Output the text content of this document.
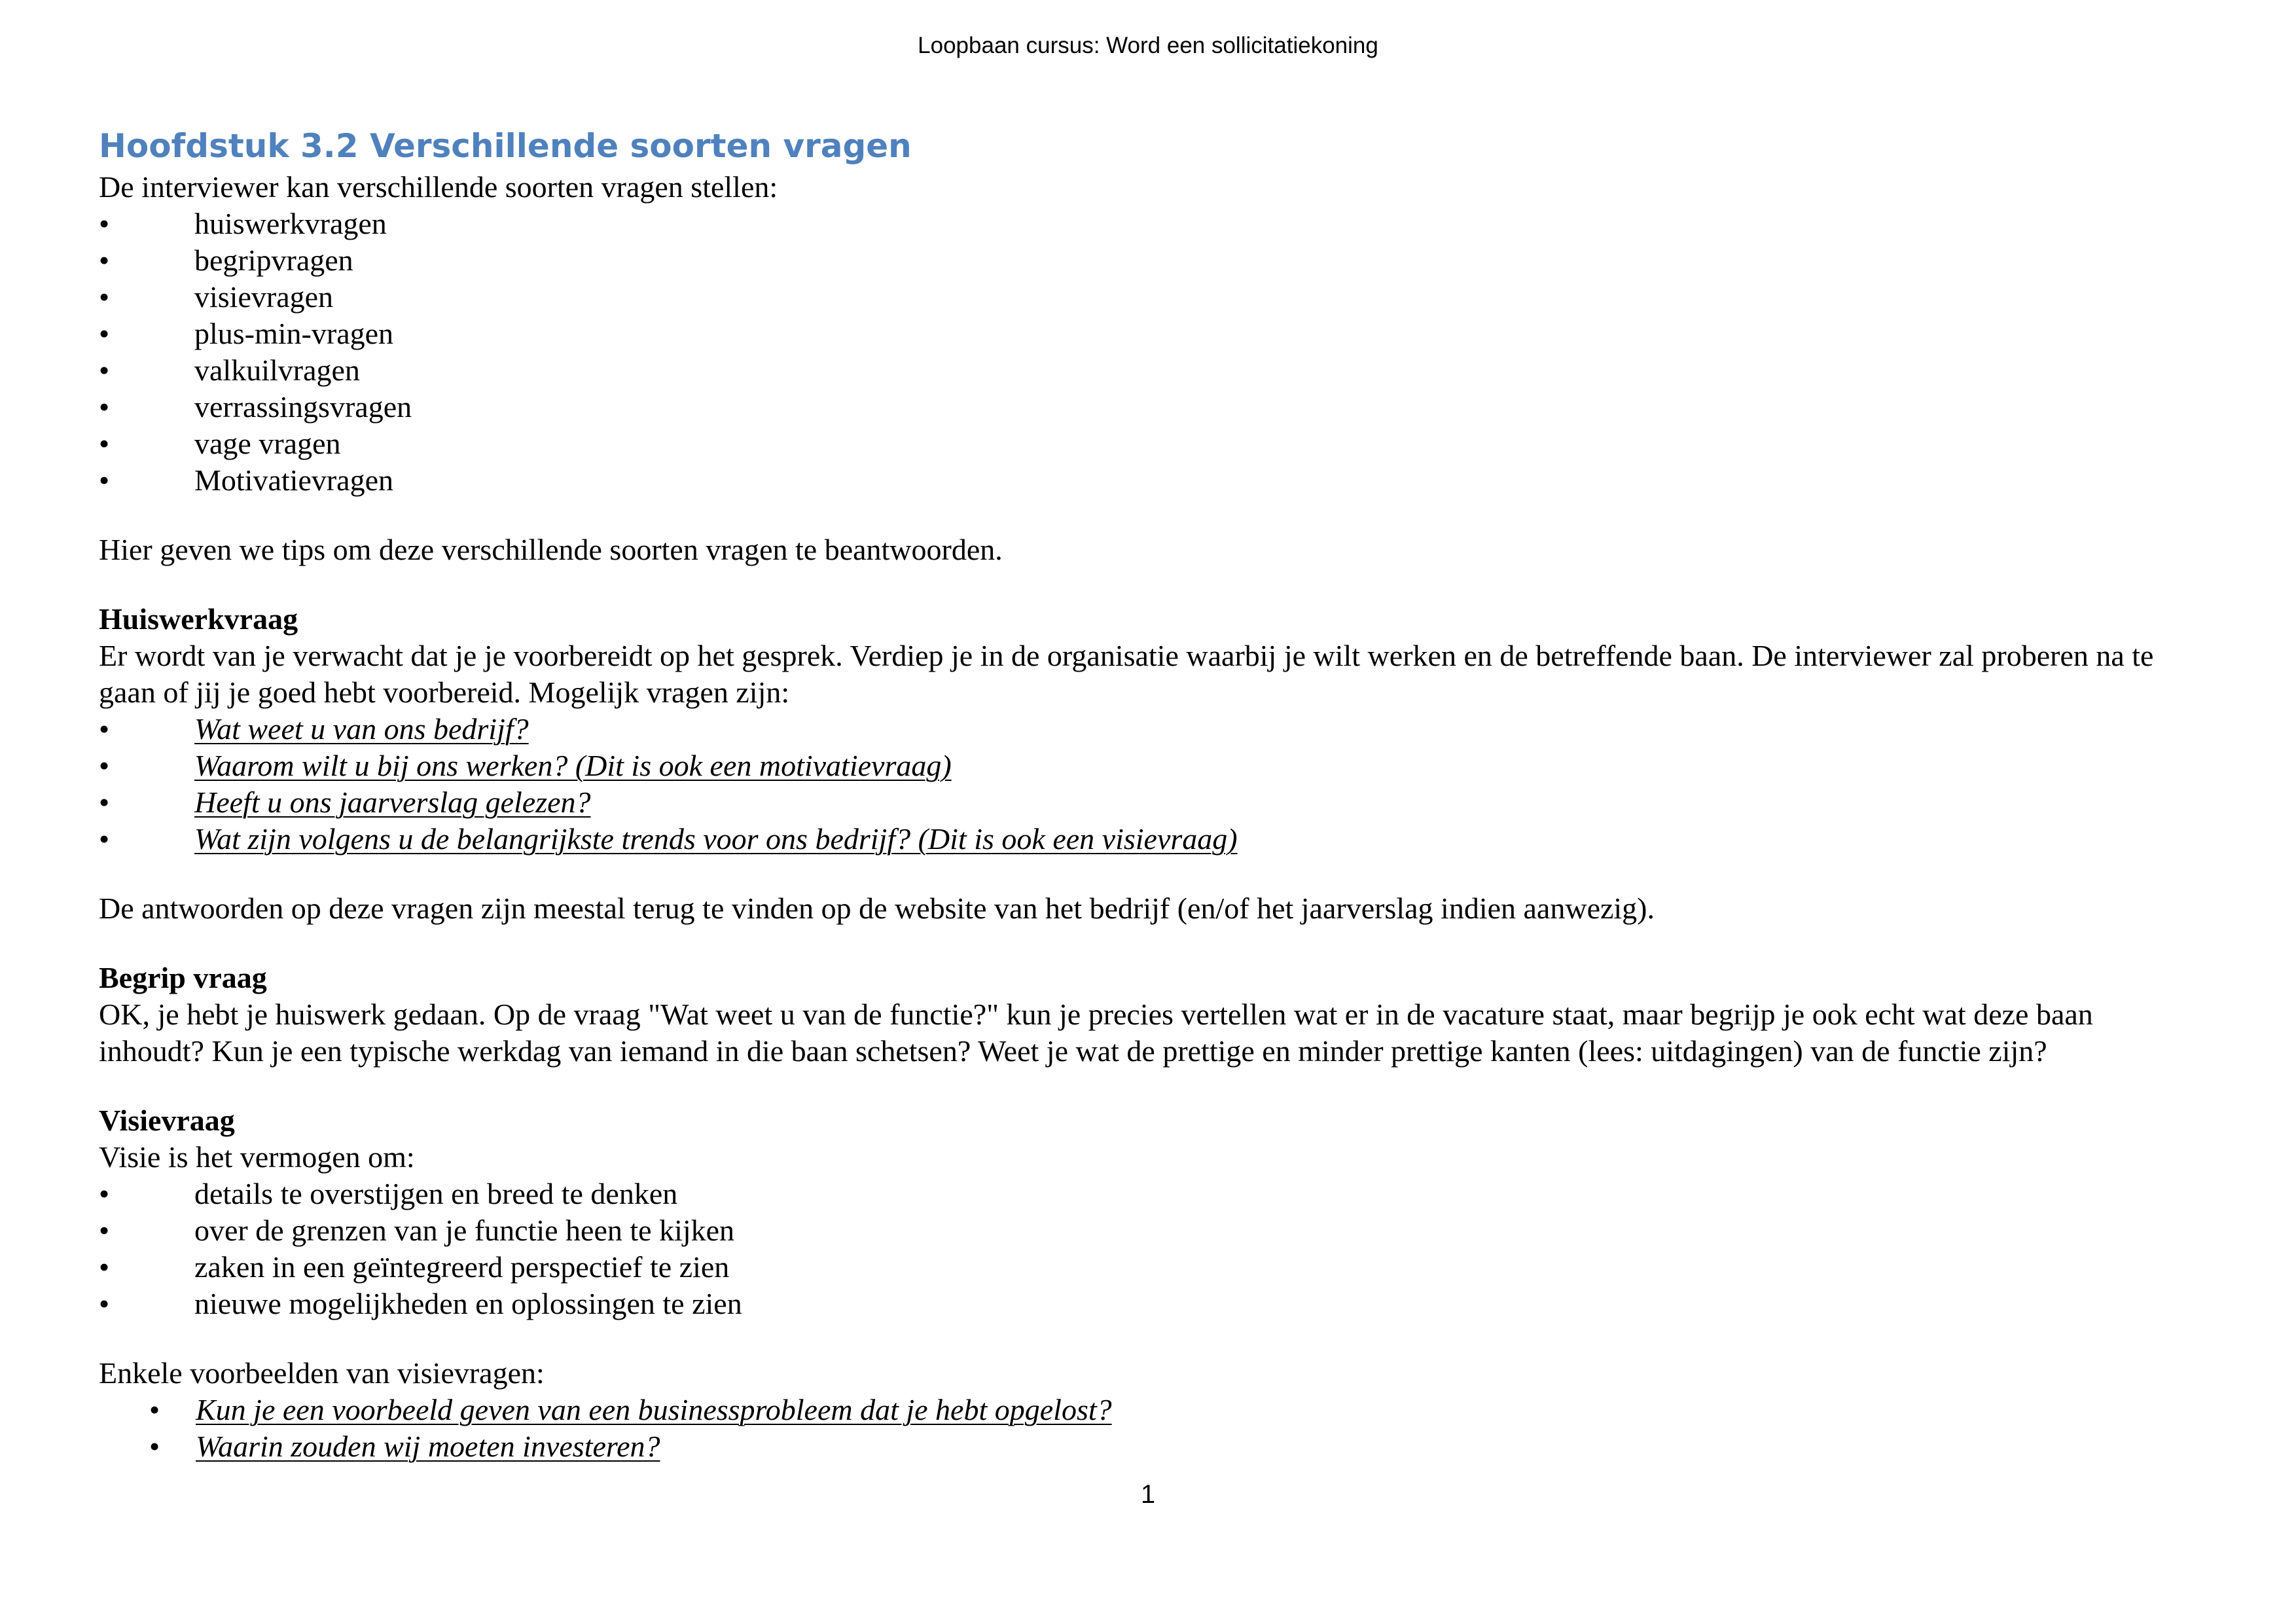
Loopbaan cursus: Word een sollicitatiekoning
Hoofdstuk 3.2 Verschillende soorten vragen

De interviewer kan verschillende soorten vragen stellen:

• huiswerkvragen
• begripvragen
• visievragen
• plus-min-vragen
• valkuilvragen
• verrassingsvragen
• vage vragen
• Motivatievragen

Hier geven we tips om deze verschillende soorten vragen te beantwoorden.

Huiswerkvraag

Er wordt van je verwacht dat je je voorbereidt op het gesprek. Verdiep je in de organisatie waarbij je wilt werken en de betreffende baan. De interviewer zal proberen na te gaan of jij je goed hebt voorbereid. Mogelijk vragen zijn:

• Wat weet u van ons bedrijf?
• Waarom wilt u bij ons werken? (Dit is ook een motivatievraag)
• Heeft u ons jaarverslag gelezen?
• Wat zijn volgens u de belangrijkste trends voor ons bedrijf? (Dit is ook een visievraag)

De antwoorden op deze vragen zijn meestal terug te vinden op de website van het bedrijf (en/of het jaarverslag indien aanwezig).

Begrip vraag

OK, je hebt je huiswerk gedaan. Op de vraag "Wat weet u van de functie?" kun je precies vertellen wat er in de vacature staat, maar begrijp je ook echt wat deze baan inhoudt? Kun je een typische werkdag van iemand in die baan schetsen? Weet je wat de prettige en minder prettige kanten (lees: uitdagingen) van de functie zijn?

Visievraag

Visie is het vermogen om:

• details te overstijgen en breed te denken
• over de grenzen van je functie heen te kijken
• zaken in een geïntegreerd perspectief te zien
• nieuwe mogelijkheden en oplossingen te zien

Enkele voorbeelden van visievragen:

• Kun je een voorbeeld geven van een businessprobleem dat je hebt opgelost?
• Waarin zouden wij moeten investeren?
1
